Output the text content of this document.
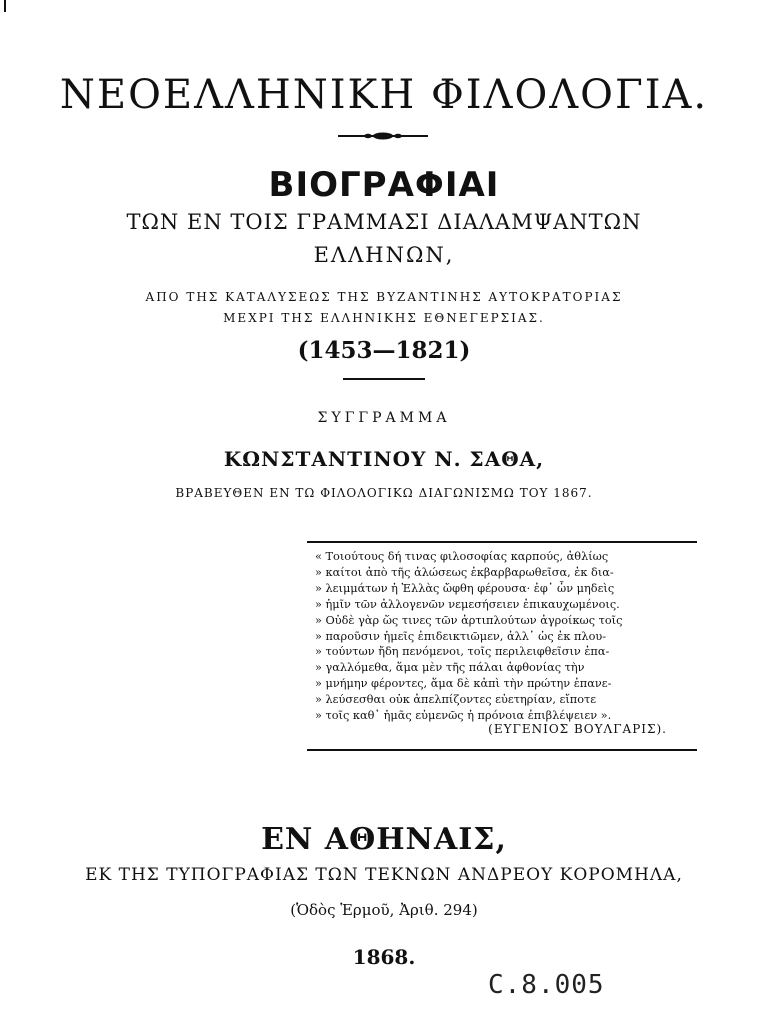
ΝΕΟΕΛΛΗΝΙΚΗ ΦΙΛΟΛΟΓΙΑ.
ΒΙΟΓΡΑΦΙΑΙ
ΤΩΝ ΕΝ ΤΟΙΣ ΓΡΑΜΜΑΣΙ ΔΙΑΛΑΜΨΑΝΤΩΝ
ΕΛΛΗΝΩΝ,
ΑΠΟ ΤΗΣ ΚΑΤΑΛΥΣΕΩΣ ΤΗΣ ΒΥΖΑΝΤΙΝΗΣ ΑΥΤΟΚΡΑΤΟΡΙΑΣ
ΜΕΧΡΙ ΤΗΣ ΕΛΛΗΝΙΚΗΣ ΕΘΝΕΓΕΡΣΙΑΣ.
(1453—1821)
ΣΥΓΓΡΑΜΜΑ
ΚΩΝΣΤΑΝΤΙΝΟΥ Ν. ΣΑΘΑ,
ΒΡΑΒΕΥΘΕΝ ΕΝ ΤΩ ΦΙΛΟΛΟΓΙΚΩ ΔΙΑΓΩΝΙΣΜΩ ΤΟΥ 1867.
« Τοιούτους δή τινας φιλοσοφίας καρπούς, ἀθλίως
» καίτοι ἀπὸ τῆς ἁλώσεως ἐκβαρβαρωθεῖσα, ἐκ δια-
» λειμμάτων ἡ Ἑλλὰς ὤφθη φέρουσα· ἐφ᾽ ὧν μηδεὶς
» ἡμῖν τῶν ἀλλογενῶν νεμεσήσειεν ἐπικαυχωμένοις.
» Οὐδὲ γὰρ ὥς τινες τῶν ἀρτιπλούτων ἀγροίκως τοῖς
» παροῦσιν ἡμεῖς ἐπιδεικτιῶμεν, ἀλλ᾽ ὡς ἐκ πλου-
» τούντων ἤδη πενόμενοι, τοῖς περιλειφθεῖσιν ἐπα-
» γαλλόμεθα, ἅμα μὲν τῆς πάλαι ἀφθονίας τὴν
» μνήμην φέροντες, ἅμα δὲ κἀπὶ τὴν πρώτην ἐπανε-
» λεύσεσθαι οὐκ ἀπελπίζοντες εὐετηρίαν, εἴποτε
» τοῖς καθ᾽ ἡμᾶς εὐμενῶς ἡ πρόνοια ἐπιβλέψειεν ».
(ΕΥΓΕΝΙΟΣ ΒΟΥΛΓΑΡΙΣ).
ΕΝ ΑΘΗΝΑΙΣ,
ΕΚ ΤΗΣ ΤΥΠΟΓΡΑΦΙΑΣ ΤΩΝ ΤΕΚΝΩΝ ΑΝΔΡΕΟΥ ΚΟΡΟΜΗΛΑ,
(Ὁδὸς Ἑρμοῦ, Ἀριθ. 294)
1868.
C.8.005
